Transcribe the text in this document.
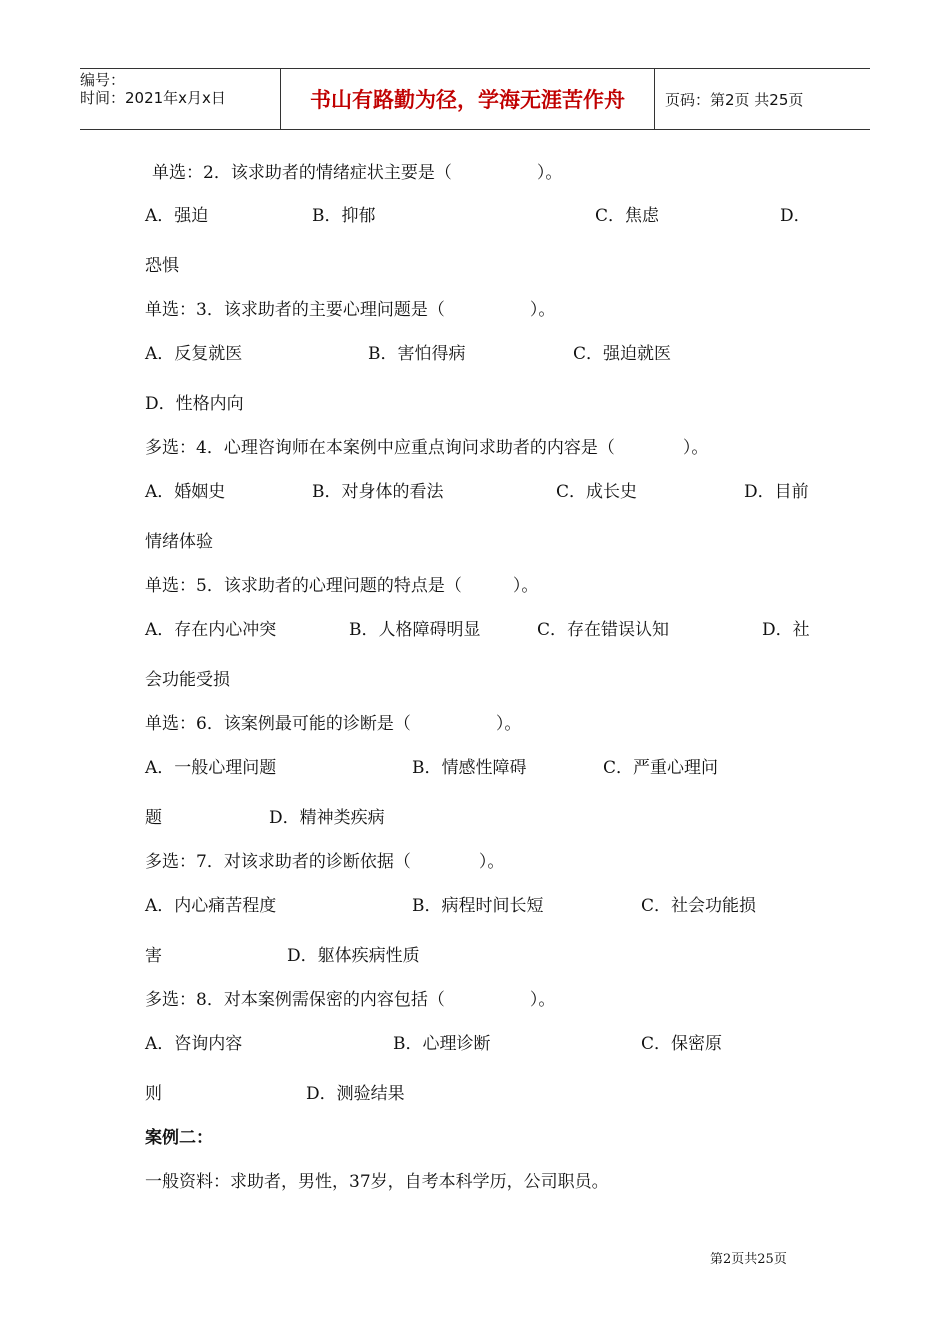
编号：
时间：2021年x月x日	书山有路勤为径，学海无涯苦作舟	页码：第2页 共25页
单选：2．该求助者的情绪症状主要是（　　　　　）。
A．强迫	B．抑郁	C．焦虑	D．
恐惧
单选：3．该求助者的主要心理问题是（　　　　　）。
A．反复就医	B．害怕得病	C．强迫就医
D．性格内向
多选：4．心理咨询师在本案例中应重点询问求助者的内容是（　　　　）。
A．婚姻史	B．对身体的看法	C．成长史	D．目前
情绪体验
单选：5．该求助者的心理问题的特点是（　　　）。
A．存在内心冲突	B．人格障碍明显	C．存在错误认知	D．社
会功能受损
单选：6．该案例最可能的诊断是（　　　　　）。
A．一般心理问题	B．情感性障碍	C．严重心理问
题	D．精神类疾病
多选：7．对该求助者的诊断依据（　　　　）。
A．内心痛苦程度	B．病程时间长短	C．社会功能损
害	D．躯体疾病性质
多选：8．对本案例需保密的内容包括（　　　　　）。
A．咨询内容	B．心理诊断	C．保密原
则	D．测验结果
案例二：
一般资料：求助者，男性，37岁，自考本科学历，公司职员。
第2页共25页
